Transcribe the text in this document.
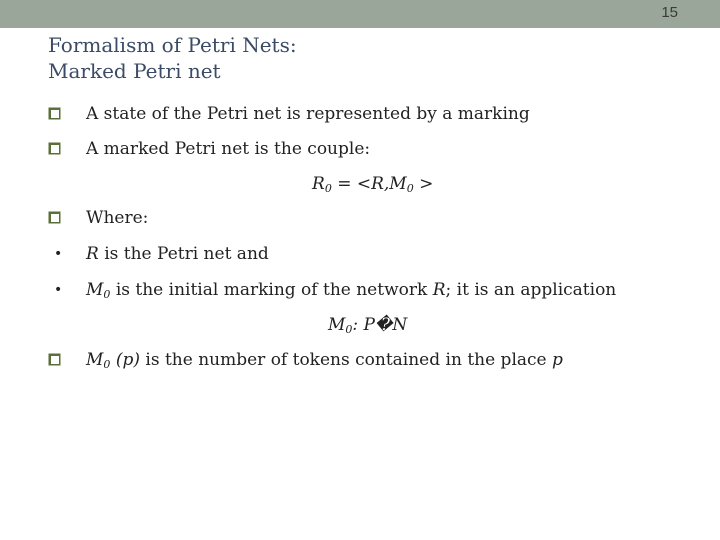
15
Formalism of Petri Nets:
Marked Petri net
A state of the Petri net is represented by a marking
A marked Petri net is the couple:
$R_0 = <R,M_0$ >
Where:
• R is the Petri net and
• $M_0$ is the initial marking of the network R; it is an application
$M_0$: P�N
$M_0$ (p) is the number of tokens contained in the place p
